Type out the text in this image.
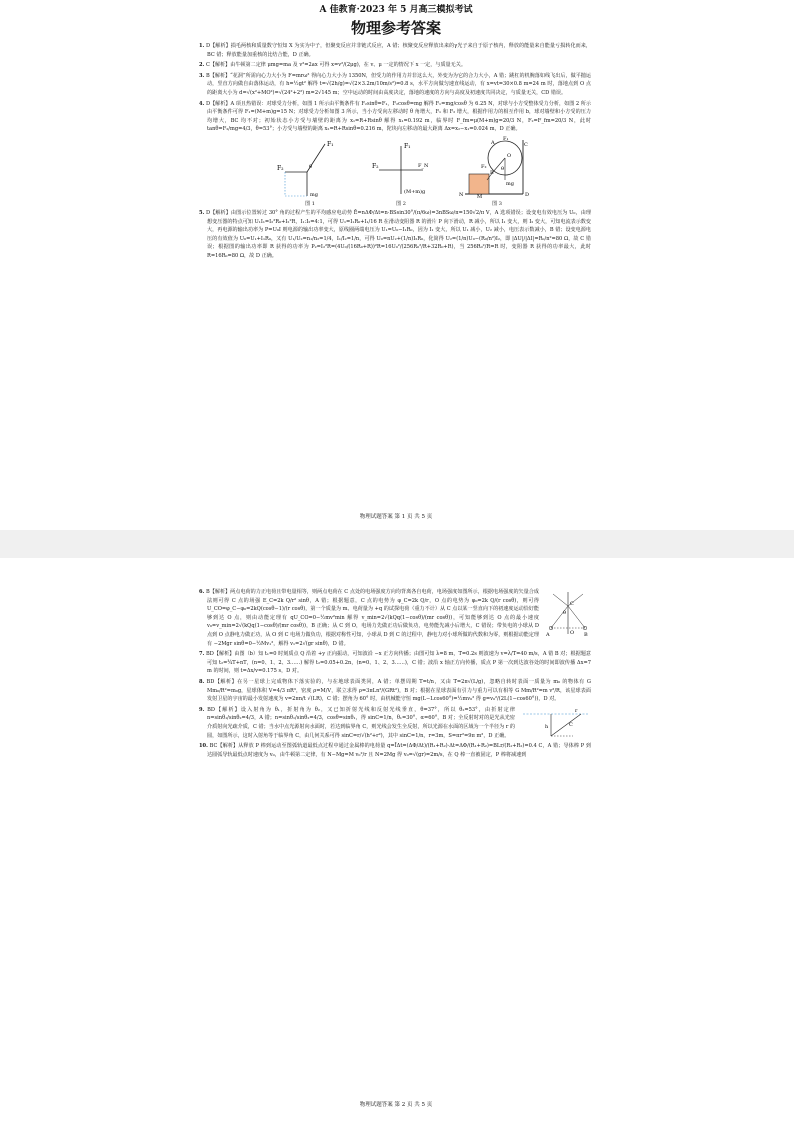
A 佳教育·2023 年 5 月高三模拟考试
物理参考答案
1. D【解析】损毛两核和质量数守恒知 X 为实为中子，但聚变反应并非链式反应，A 错；核聚变反应释放出来的γ光子来自于原子核内，释放的能量来自能量亏损转化而来，BC 错；释放能量加重核的比结合能，D 正确。
2. C【解析】由牛顿第二定律 μmg=ma 及 v²=2ax 可得 x=v²/(2μg)，在 v、μ 一定的情况下 x 一定，与质量无关。
3. B【解析】“花洞”所需向心力大小为 F=mrω² 得向心力大小为 1350N，但受力的作用力并非这么大，外变为为它的合力大小，A 错；跳杠的机腕落如线飞出后，做平抛运动，竖直方向做自由落体运动，有 h=½gt² 解得 t=√(2h/g)=√(2×3.2m/10m/s²)=0.8 s，水平方向做匀速直线运动，有 x=vt=30×0.8 m=24 m 时，落地点到 O 点的距离大小为 d=√(x²+MO²)=√(24²+2²) m=2√145 m；空中运动的时间由高度决定，落地的速度的方向与高度及初速度共同决定，与质量无关，CD 错误。
4. D【解析】A 项且热错误：对球受力分析，如图 1 所示由平衡条件有 F₂sinθ=F₁，F₂cosθ=mg 解得 F₁=mg/cosθ 为 6.25 N，对球与小方受整体受力分析，如图 2 所示由平衡条件可得 F₁=(M+m)g=15 N；对球受力分析如图 3 所示，当小方受向左移动时 θ 角增大，F₁ 和 F₂ 增大，根据作用力的相互作用 b，球对墙壁和小方受的压力均增大，BC 均不对；初始状态小方受与墙壁的距离为 x₁=R+Rsinθ 解得 x₁=0.192 m，临界时 F_fm=μ(M+m)g=20/3 N，F₂=F_fm=20/3 N，此时 tanθ=F₂/mg=4/3，θ=53°；小方受与墙壁的距离 x₂=R+Rsinθ=0.216 m，陀块向左移动的最大距离 Δx=x₂−x₁=0.024 m，D 正确。
F₁
F₂	θ
mg
图 1
F₁
F₂	F_N
(M+m)g
图 2
A
B
C
O
D
M
N
F₁
F₂	θ
mg
图 3
5. D【解析】由图示位置转过 30° 角的过程产生的平均感应电动势 Ē=nΔΦ/Δt=n·BSsin30°/(π/6ω)=3nBSω/π=150√2/π V，A 选项错误；设变电有效电压为 U₀，由理想变压器的特点可知 U₁I₁=I₂²R₀+I₂²R，I₁:I₂=4:1，可得 U₁=I₁R₀+I₁/16 R 在滑动变阻器 R 的滑片 P 向下滑动，R 减小，所以 I₁ 变大，则 I₂ 变大，可知电流表示数变大，再电源的输出功率为 P=U₀I 则电源的输出功率变大，原线圈两端电压为 U₁=U₀−I₁R₀，因为 I₁ 变大，所以 U₁ 减小，U₂ 减小，电压表示数减小，B 错；设变电源电压的有效值为 U₀=U₁+I₁R₀，又有 U₁/U₂=n₁/n₂=1/4，I₁/I₂=1/n，可得 U₀=nU₂+(1/n)I₂R₀，化简得 U₂=(1/n)U₀−(R₀/n²)I₂，即 |ΔU|/|ΔI|=R₀/n²=80 Ω，故 C 错误；根据图的输出功率即 R 获得的功率为 P₂=I₂²R=(4U₀/(16R₀+R))²R=16U₀²/(256R₀²/R+32R₀+R)，当 256R₀²/R=R 时，变阻器 R 获得的功率最大，此时 R=16R₀=80 Ω，故 D 正确。
物理试题答案 第 1 页 共 5 页
C
θ
A	B
O
6. B【解析】两点电荷的力正电荷且带电量相等，则两点电荷在 C 点处的电场强度方向均背离各自电荷，电场强度如图所示，根据电场强度的矢量合成法则可得 C 点的场强 E_C=2k Q/r² sinθ，A 错；根据题意，C 点的电势为 φ_C=2k Q/r，O 点的电势为 φ₀=2k Q/(r cosθ)，则可得 U_CO=φ_C−φ₀=2kQ(cosθ−1)/(r cosθ)，第一个质量为 m、电荷量为 +q 的试探电荷（重力不计）从 C 点以某一竖直向下的初速度运动恰好能够到达 O 点，则由动能定理有 qU_CO=0−½mv²min 解得 v_min=2√(kQq(1−cosθ)/(mr cosθ))，可知能够到达 O 点的最小速度 v₀=v_min=2√(kQq(1−cosθ)/(mr cosθ))，B 正确；从 C 到 O，电场力先做正功后做负功，电势能先减小后增大，C 错误；带负电的小球从 D 点到 O 点静电力做正功，从 O 到 C 电场力做负功，根据对称性可知，小球从 D 到 C 的过程中，静电力对小球所做的代数和为零，则根据动能定理有 −2Mgr sinθ=0−½Mv₁²，解得 v₁=2√(gr sinθ)，D 错。
7. BD【解析】由图（b）知 t₁=0 时刻质点 Q 沿着 +y 正向振动，可知波沿 −x 正方向传播；由图可知 λ=8 m，T=0.2s 则波速为 v=λ/T=40 m/s，A 错 B 对；根据题意可知 t₂=¾T+nT，(n=0、1、2、3……) 解得 t₂=0.05+0.2n，(n=0、1、2、3……)，C 错；波沿 x 轴正方向传播，质点 P 第一次到达波谷处的时间即波传播 Δx=7 m 的时间，则 t=Δx/v=0.175 s，D 对。
8. BD【解析】在另一星球上完成物体下落实验的，与在地球表面类同，A 错；单摆周期 T=t/n，又由 T=2π√(L/g)，忽略自转时表面一质量为 m₀ 的物体有 G Mm₀/R²=m₀g，星球体积 V=4/3 πR³，密度 ρ=M/V，联立求得 ρ=3πLn²/(GRt²)，B 对；根据在星球表面有引力与重力可以有相等 G Mm/R²=m v²/R，该星球表面发射卫星的宇宙的最小发射速度为 v=2πn/t √(LR)，C 错；摆角为 60° 时，由机械能守恒 mg(L−Lcos60°)=½mv₀² 得 g=v₀²/(2L(1−cos60°))，D 对。
h	C
r
9. BD【解析】设入射角为 θ₁，折射角为 θ₂，又已知折射光线和反射光线垂直，θ=37°，所以 θ₂=53°，由折射定律 n=sinθ₁/sinθ₂=4/3，A 错；n=sinθ₁/sinθ₂=4/3，cosθ=sinθ₁，得 sinC=1/n，θ₁=30°、α=60°，B 对；全反射时对的是光从光密介质射向光疏介质，C 错；当水中点光源射向水面时，若达到临界角 C，则光线会发生全反射，所以光源在水面的区域为一个半径为 r 的圆，如图所示，这时入射角等于临界角 C，由几何关系可得 sinC=r/√(h²+r²)，其中 sinC=1/n，r=3m，S=πr²=9π m²，D 正确。
10. BC【解析】从释放 P 棒到运动至图弧轨道最低点过程中通过金属棒的电荷量 q=ĪΔt=(ΔΦ/Δt)/(R₁+R₂)·Δt=ΔΦ/(R₁+R₂)=BLr/(R₁+R₂)=0.4 C，A 错；导体棒 P 到达圆弧导轨最低点时速度为 v₀，由牛顿第二定律，有 N−Mg=M v₀²/r 且 N=2Mg 得 v₀=√(gr)=2m/s，在 Q 棒一直被固定，P 棒将减速到
物理试题答案 第 2 页 共 5 页
